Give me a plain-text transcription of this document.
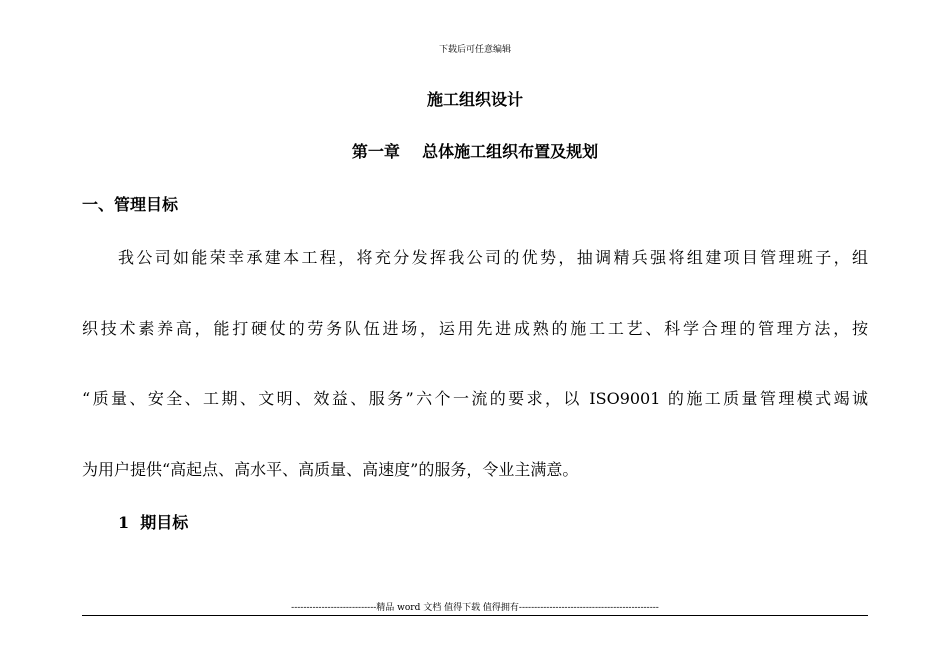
下载后可任意编辑
施工组织设计
第一章    总体施工组织布置及规划
一、管理目标
我公司如能荣幸承建本工程，将充分发挥我公司的优势，抽调精兵强将组建项目管理班子，组
织技术素养高，能打硬仗的劳务队伍进场，运用先进成熟的施工工艺、科学合理的管理方法，按
“质量、安全、工期、文明、效益、服务”六个一流的要求，以 ISO9001 的施工质量管理模式竭诚
为用户提供“高起点、高水平、高质量、高速度”的服务，令业主满意。
1  期目标
----------------------------精品 word 文档 值得下载 值得拥有----------------------------------------------
